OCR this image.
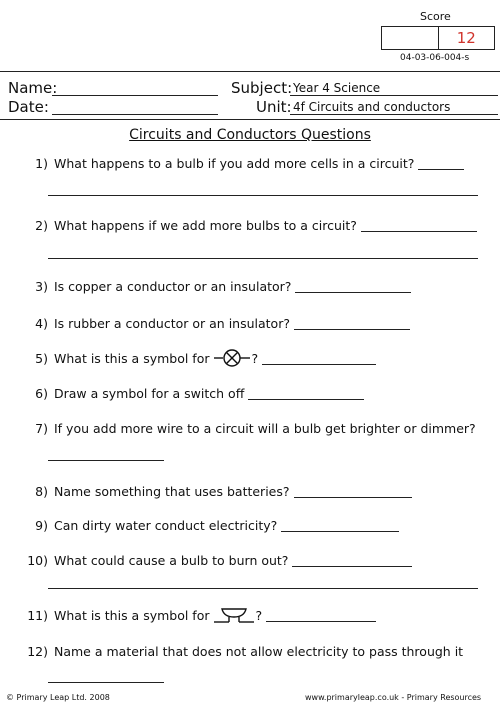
Score
12
04-03-06-004-s
Name:
Date:
Subject: Year 4 Science
Unit: 4f Circuits and conductors
Circuits and Conductors Questions
1) What happens to a bulb if you add more cells in a circuit?
2) What happens if we add more bulbs to a circuit?
3) Is copper a conductor or an insulator?
4) Is rubber a conductor or an insulator?
5) What is this a symbol for	?
6) Draw a symbol for a switch off
7) If you add more wire to a circuit will a bulb get brighter or dimmer?
8) Name something that uses batteries?
9) Can dirty water conduct electricity?
10) What could cause a bulb to burn out?
11) What is this a symbol for	?
12) Name a material that does not allow electricity to pass through it
© Primary Leap Ltd. 2008	www.primaryleap.co.uk - Primary Resources
